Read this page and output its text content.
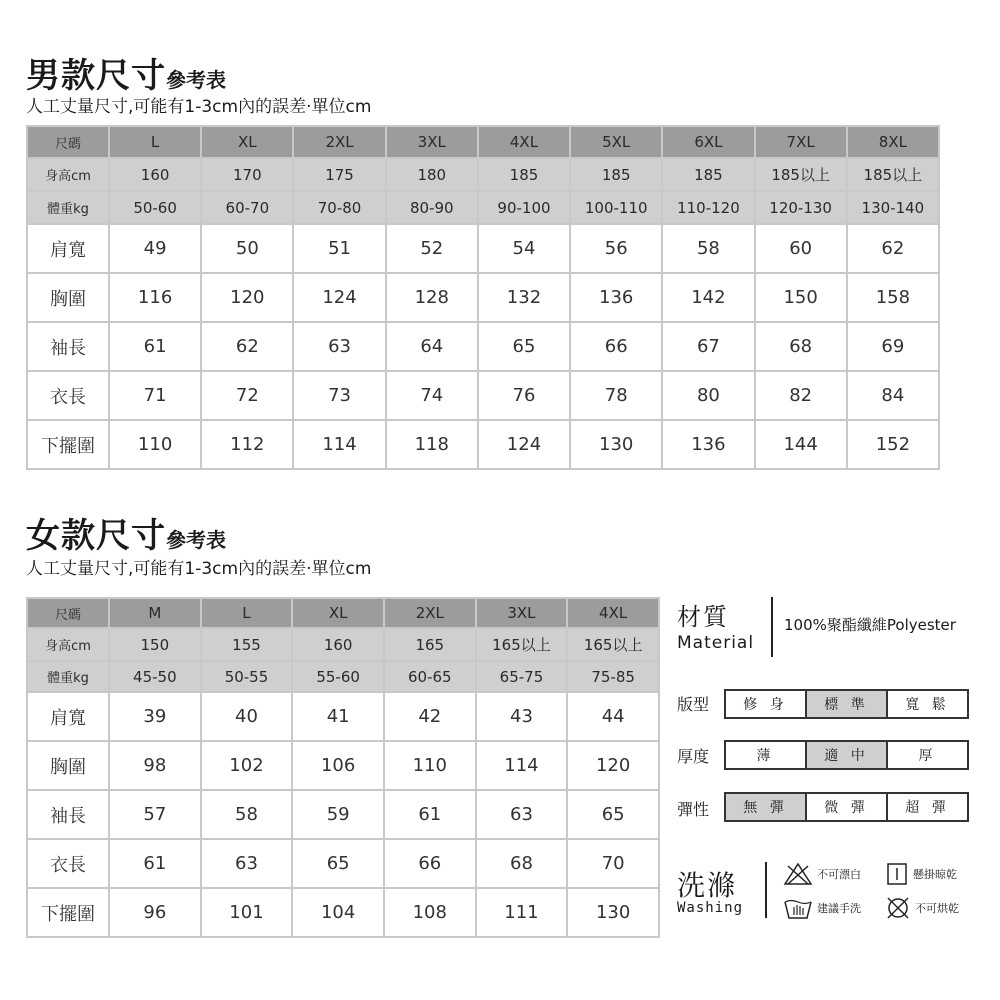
男款尺寸參考表
人工丈量尺寸,可能有1-3cm內的誤差‧單位cm
尺碼	L	XL	2XL	3XL	4XL	5XL	6XL	7XL	8XL
身高cm	160	170	175	180	185	185	185	185以上	185以上
體重kg	50-60	60-70	70-80	80-90	90-100	100-110	110-120	120-130	130-140
肩寬	49	50	51	52	54	56	58	60	62
胸圍	116	120	124	128	132	136	142	150	158
袖長	61	62	63	64	65	66	67	68	69
衣長	71	72	73	74	76	78	80	82	84
下擺圍	110	112	114	118	124	130	136	144	152
女款尺寸參考表
人工丈量尺寸,可能有1-3cm內的誤差‧單位cm
尺碼	M	L	XL	2XL	3XL	4XL
身高cm	150	155	160	165	165以上	165以上
體重kg	45-50	50-55	55-60	60-65	65-75	75-85
肩寬	39	40	41	42	43	44
胸圍	98	102	106	110	114	120
袖長	57	58	59	61	63	65
衣長	61	63	65	66	68	70
下擺圍	96	101	104	108	111	130
材質
Material
100%聚酯纖維Polyester
版型	修 身	標 準	寬 鬆
厚度	薄	適 中	厚
彈性	無 彈	微 彈	超 彈
洗滌
Washing
不可漂白	懸掛晾乾
建議手洗	不可烘乾
